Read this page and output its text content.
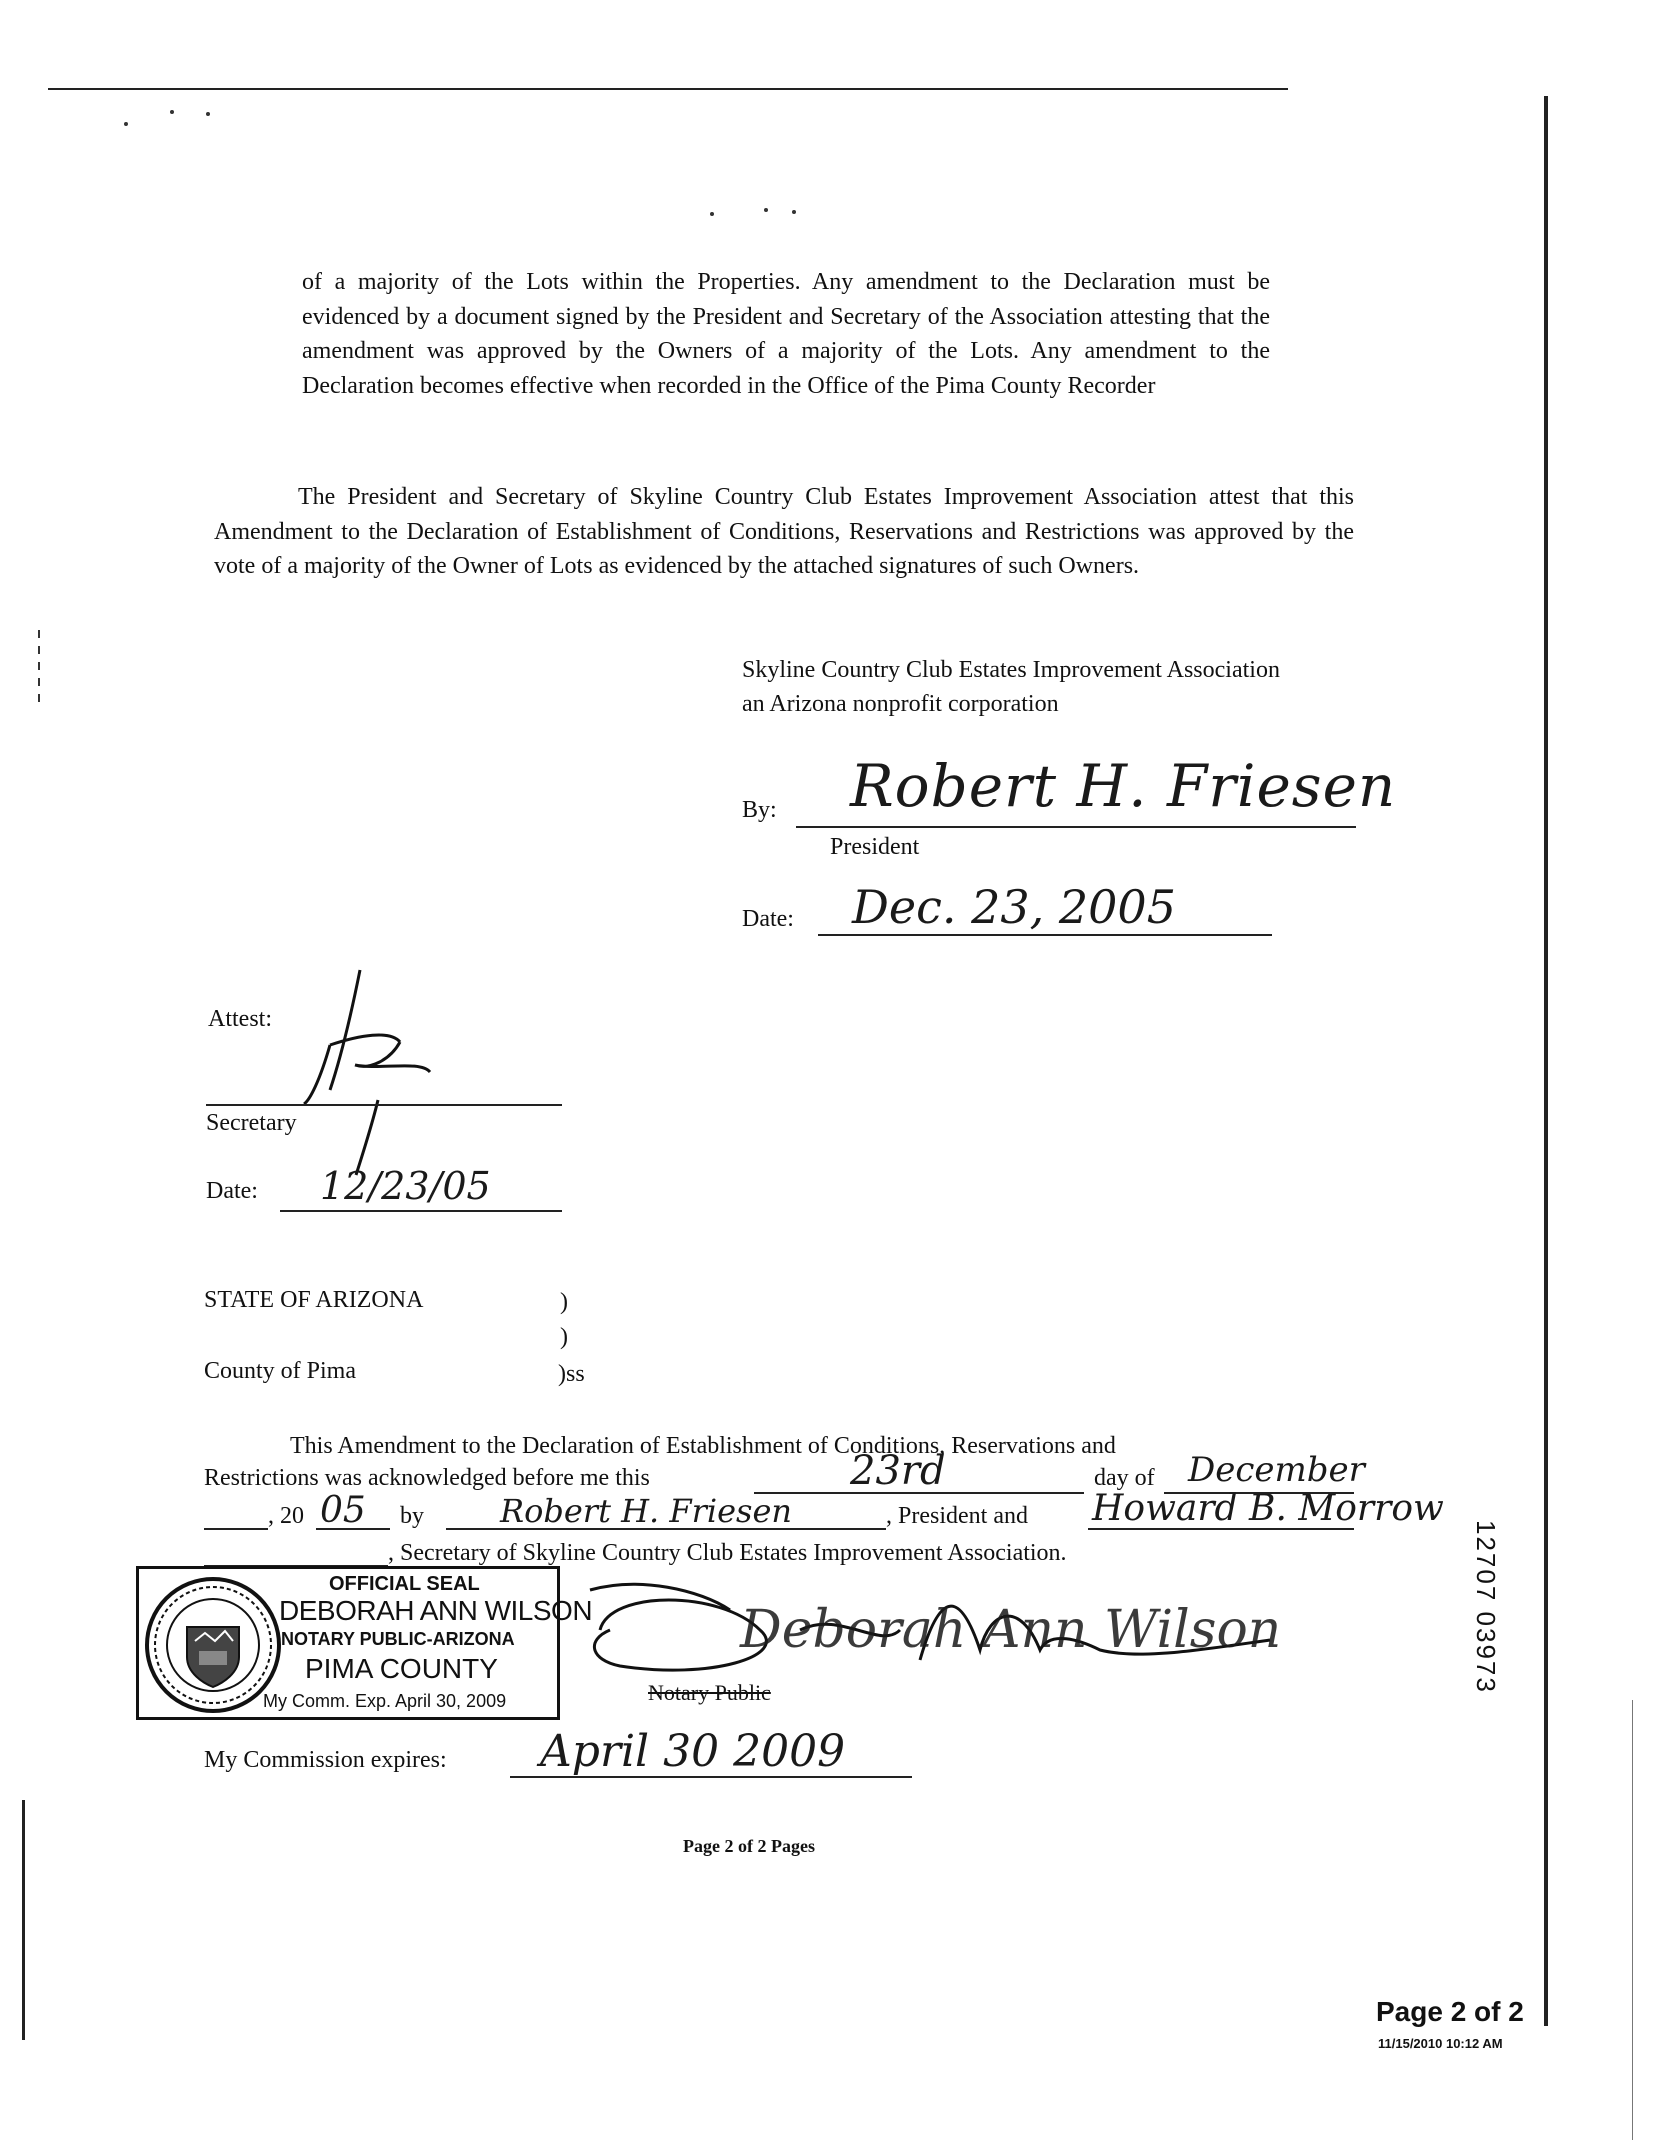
of a majority of the Lots within the Properties. Any amendment to the Declaration must be evidenced by a document signed by the President and Secretary of the Association attesting that the amendment was approved by the Owners of a majority of the Lots. Any amendment to the Declaration becomes effective when recorded in the Office of the Pima County Recorder
The President and Secretary of Skyline Country Club Estates Improvement Association attest that this Amendment to the Declaration of Establishment of Conditions, Reservations and Restrictions was approved by the vote of a majority of the Owner of Lots as evidenced by the attached signatures of such Owners.
Skyline Country Club Estates Improvement Association
an Arizona nonprofit corporation
By: Robert H. Friesen
President
Date: Dec. 23, 2005
Attest:
Secretary
Date: 12/23/05
STATE OF ARIZONA	)
)
County of Pima	)ss
This Amendment to the Declaration of Establishment of Conditions, Reservations and
Restrictions was acknowledged before me this	23rd	day of December
, 20 05 by Robert H. Friesen	, President and Howard B. Morrow
, Secretary of Skyline Country Club Estates Improvement Association.
OFFICIAL SEAL
DEBORAH ANN WILSON
NOTARY PUBLIC-ARIZONA
PIMA COUNTY
My Comm. Exp. April 30, 2009
Deborah Ann Wilson
Notary Public
My Commission expires: April 30 2009
Page 2 of 2 Pages
12707 03973
Page 2 of 2
11/15/2010 10:12 AM
